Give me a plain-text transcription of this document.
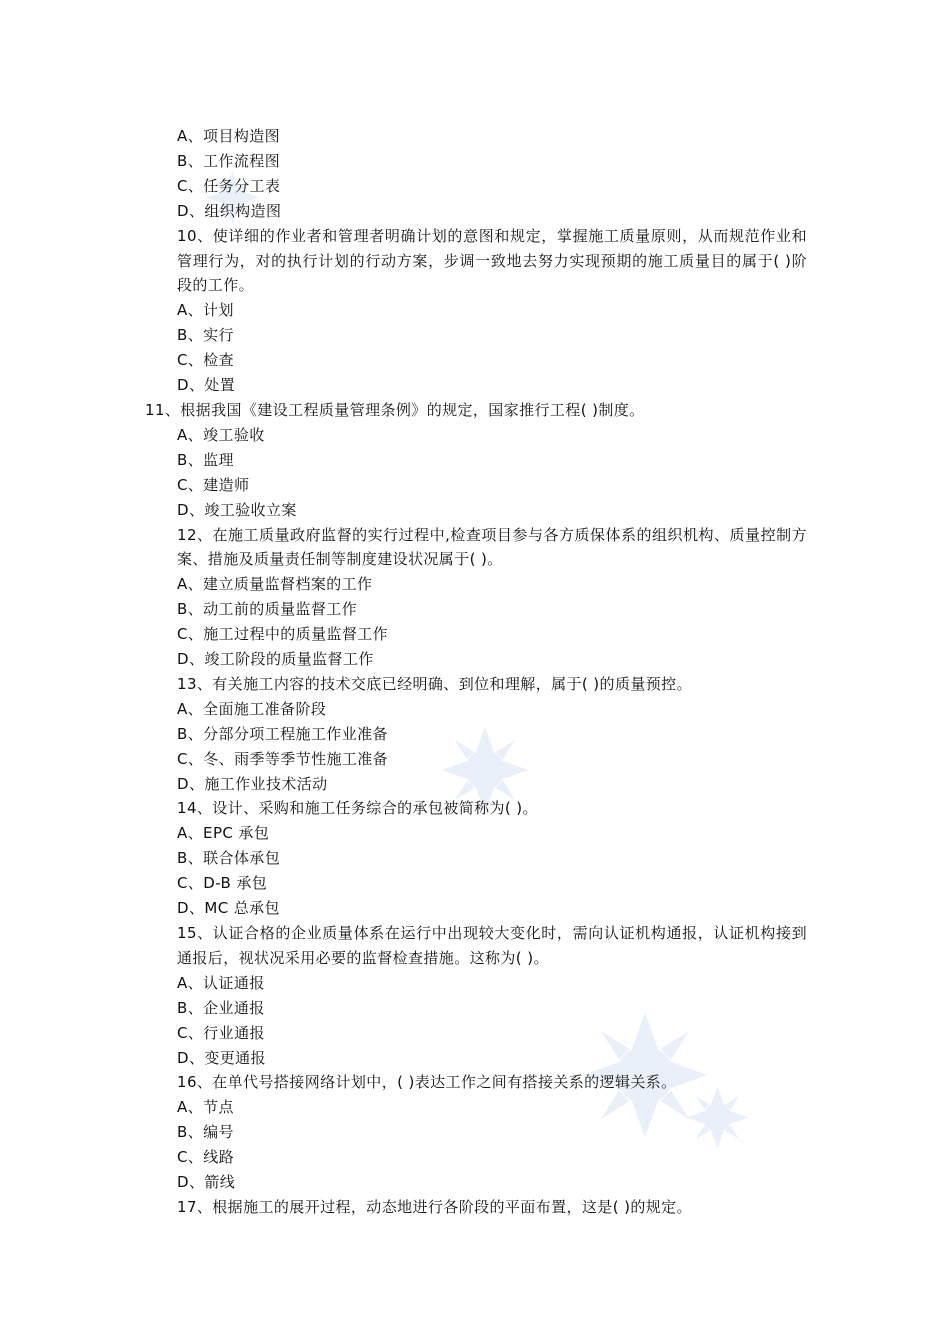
A、项目构造图
B、工作流程图
C、任务分工表
D、组织构造图
10、使详细的作业者和管理者明确计划的意图和规定，掌握施工质量原则，从而规范作业和管理行为，对的执行计划的行动方案，步调一致地去努力实现预期的施工质量目的属于( )阶段的工作。
A、计划
B、实行
C、检查
D、处置
11、根据我国《建设工程质量管理条例》的规定，国家推行工程( )制度。
A、竣工验收
B、监理
C、建造师
D、竣工验收立案
12、在施工质量政府监督的实行过程中,检查项目参与各方质保体系的组织机构、质量控制方案、措施及质量责任制等制度建设状况属于( )。
A、建立质量监督档案的工作
B、动工前的质量监督工作
C、施工过程中的质量监督工作
D、竣工阶段的质量监督工作
13、有关施工内容的技术交底已经明确、到位和理解，属于( )的质量预控。
A、全面施工准备阶段
B、分部分项工程施工作业准备
C、冬、雨季等季节性施工准备
D、施工作业技术活动
14、设计、采购和施工任务综合的承包被简称为( )。
A、EPC 承包
B、联合体承包
C、D-B 承包
D、MC 总承包
15、认证合格的企业质量体系在运行中出现较大变化时，需向认证机构通报，认证机构接到通报后，视状况采用必要的监督检查措施。这称为( )。
A、认证通报
B、企业通报
C、行业通报
D、变更通报
16、在单代号搭接网络计划中，( )表达工作之间有搭接关系的逻辑关系。
A、节点
B、编号
C、线路
D、箭线
17、根据施工的展开过程，动态地进行各阶段的平面布置，这是( )的规定。
